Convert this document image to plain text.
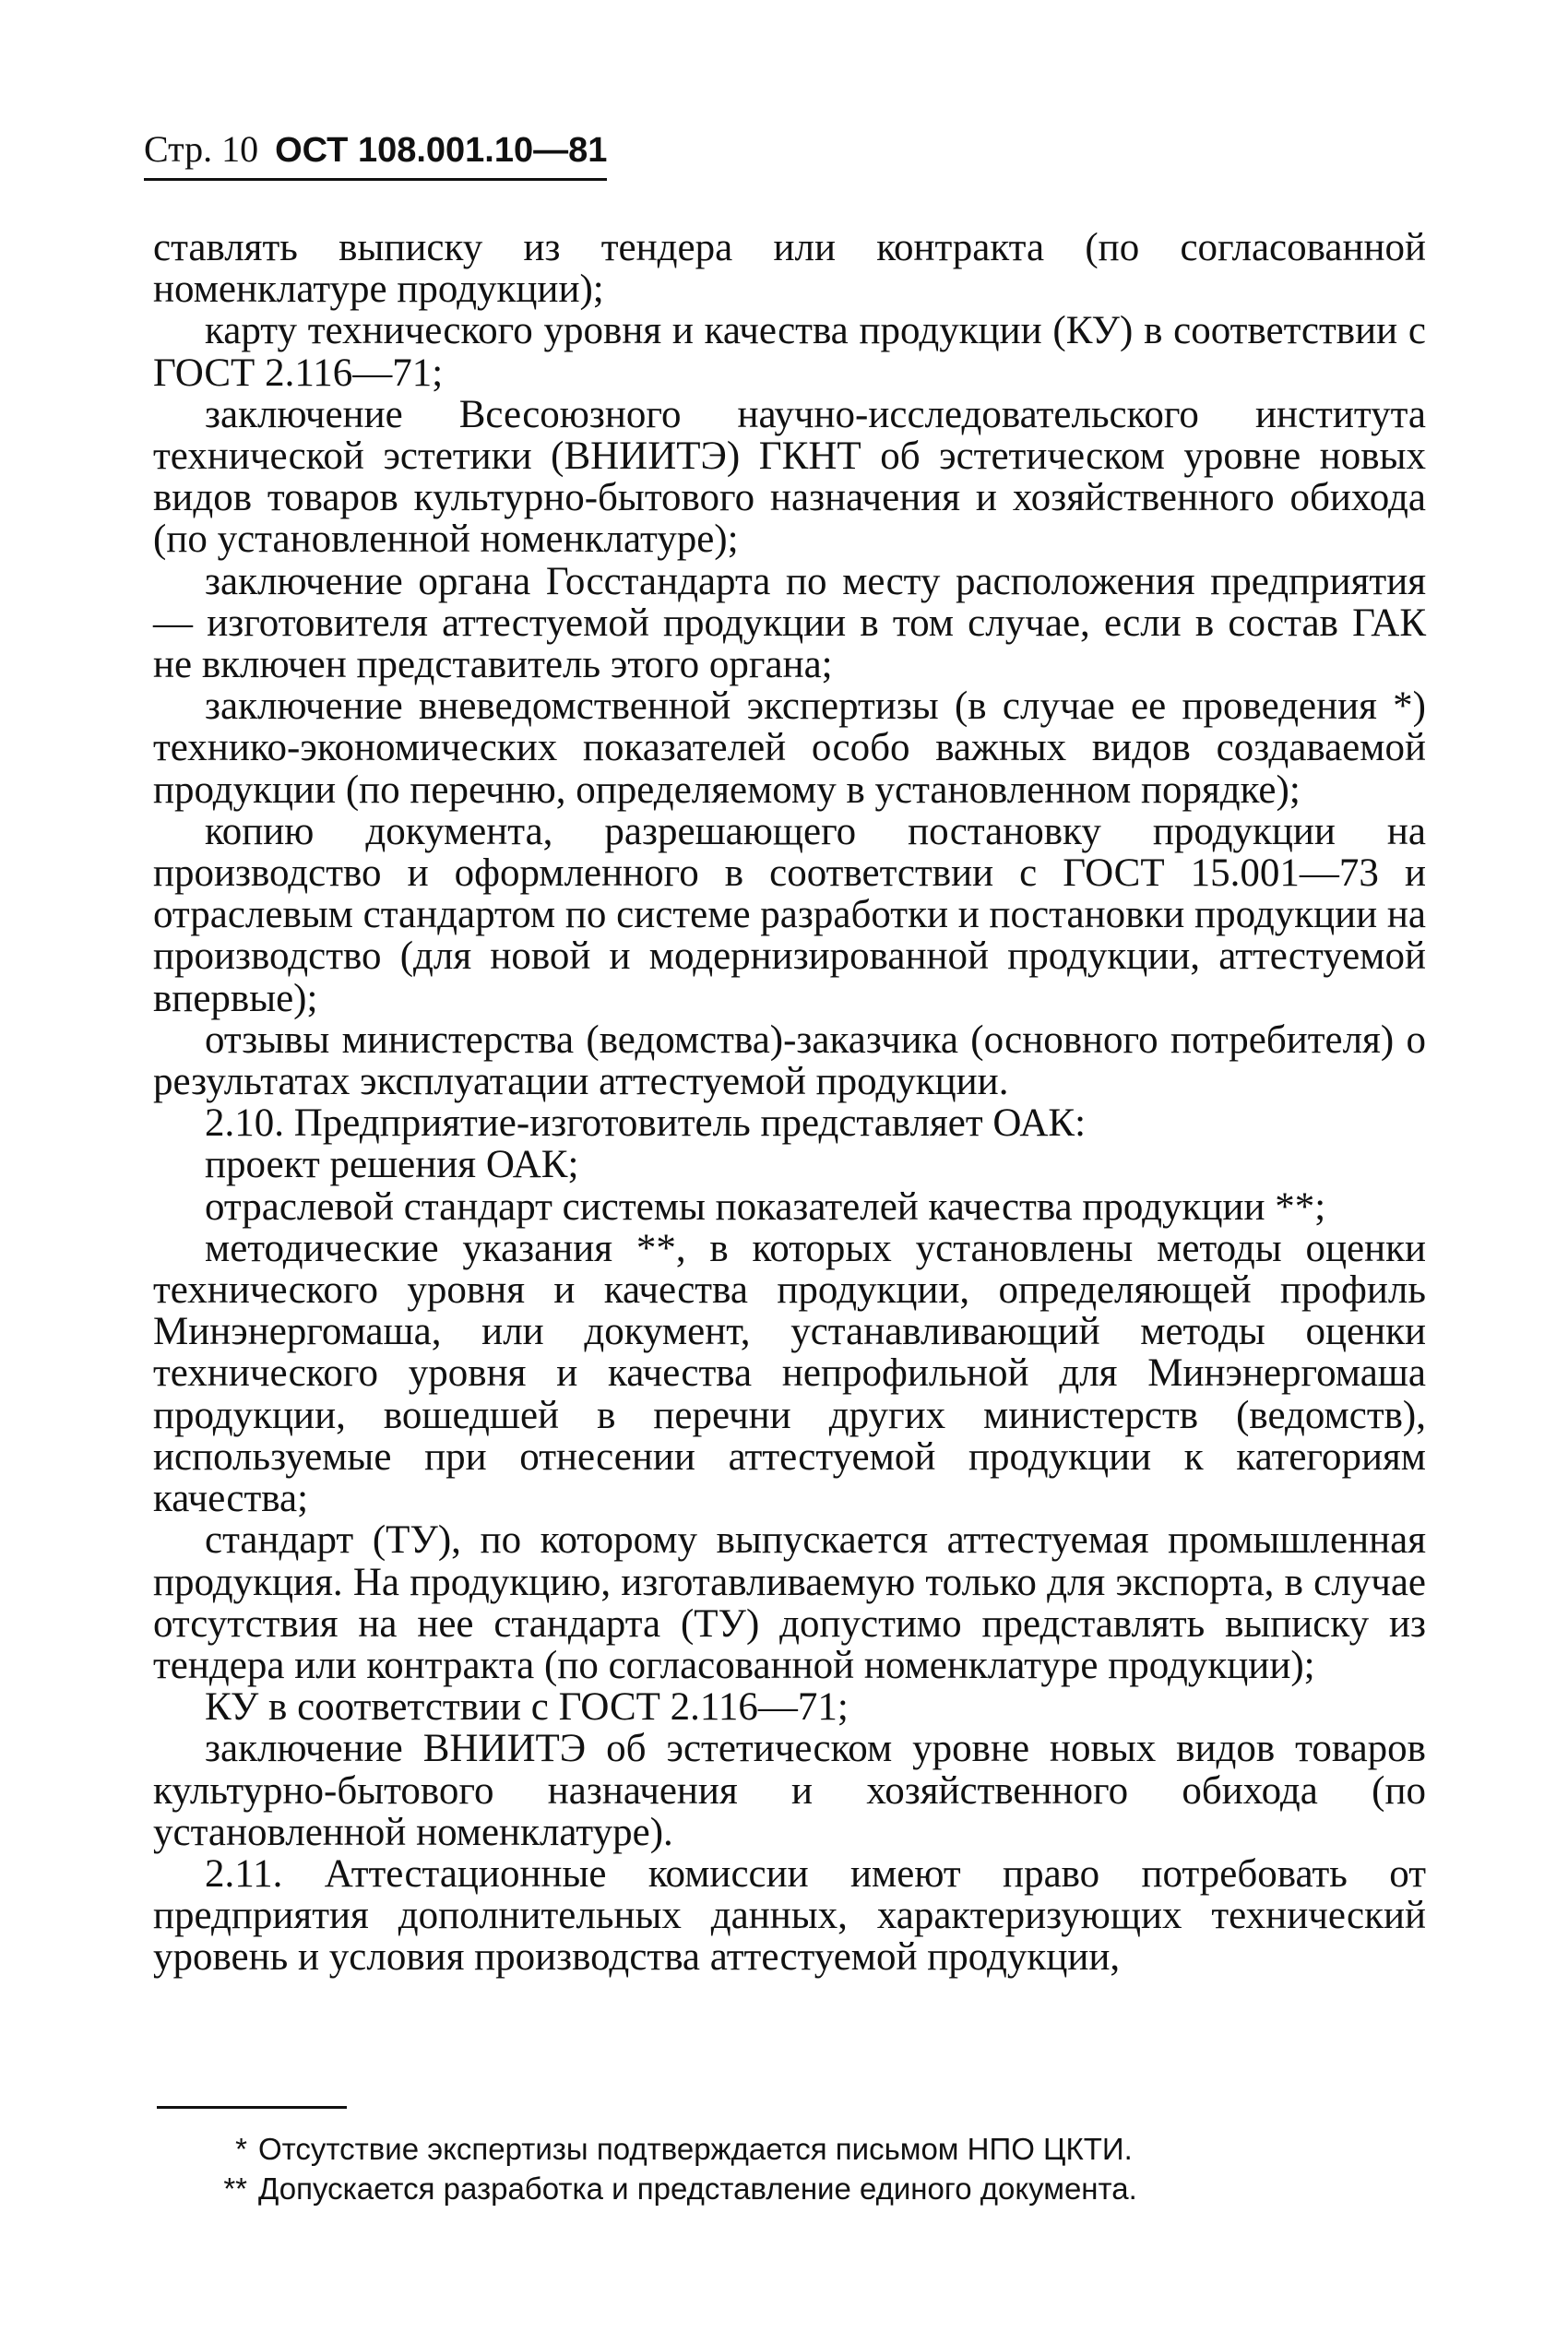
Стр. 10 ОСТ 108.001.10—81

ставлять выписку из тендера или контракта (по согласованной номенклатуре продукции);

карту технического уровня и качества продукции (КУ) в соответствии с ГОСТ 2.116—71;

заключение Всесоюзного научно-исследовательского института технической эстетики (ВНИИТЭ) ГКНТ об эстетическом уровне новых видов товаров культурно-бытового назначения и хозяйственного обихода (по установленной номенклатуре);

заключение органа Госстандарта по месту расположения предприятия — изготовителя аттестуемой продукции в том случае, если в состав ГАК не включен представитель этого органа;

заключение вневедомственной экспертизы (в случае ее проведения *) технико-экономических показателей особо важных видов создаваемой продукции (по перечню, определяемому в установленном порядке);

копию документа, разрешающего постановку продукции на производство и оформленного в соответствии с ГОСТ 15.001—73 и отраслевым стандартом по системе разработки и постановки продукции на производство (для новой и модернизированной продукции, аттестуемой впервые);

отзывы министерства (ведомства)-заказчика (основного потребителя) о результатах эксплуатации аттестуемой продукции.

2.10. Предприятие-изготовитель представляет ОАК:

проект решения ОАК;

отраслевой стандарт системы показателей качества продукции **;

методические указания **, в которых установлены методы оценки технического уровня и качества продукции, определяющей профиль Минэнергомаша, или документ, устанавливающий методы оценки технического уровня и качества непрофильной для Минэнергомаша продукции, вошедшей в перечни других министерств (ведомств), используемые при отнесении аттестуемой продукции к категориям качества;

стандарт (ТУ), по которому выпускается аттестуемая промышленная продукция. На продукцию, изготавливаемую только для экспорта, в случае отсутствия на нее стандарта (ТУ) допустимо представлять выписку из тендера или контракта (по согласованной номенклатуре продукции);

КУ в соответствии с ГОСТ 2.116—71;

заключение ВНИИТЭ об эстетическом уровне новых видов товаров культурно-бытового назначения и хозяйственного обихода (по установленной номенклатуре).

2.11. Аттестационные комиссии имеют право потребовать от предприятия дополнительных данных, характеризующих технический уровень и условия производства аттестуемой продукции,

* Отсутствие экспертизы подтверждается письмом НПО ЦКТИ.
** Допускается разработка и представление единого документа.
